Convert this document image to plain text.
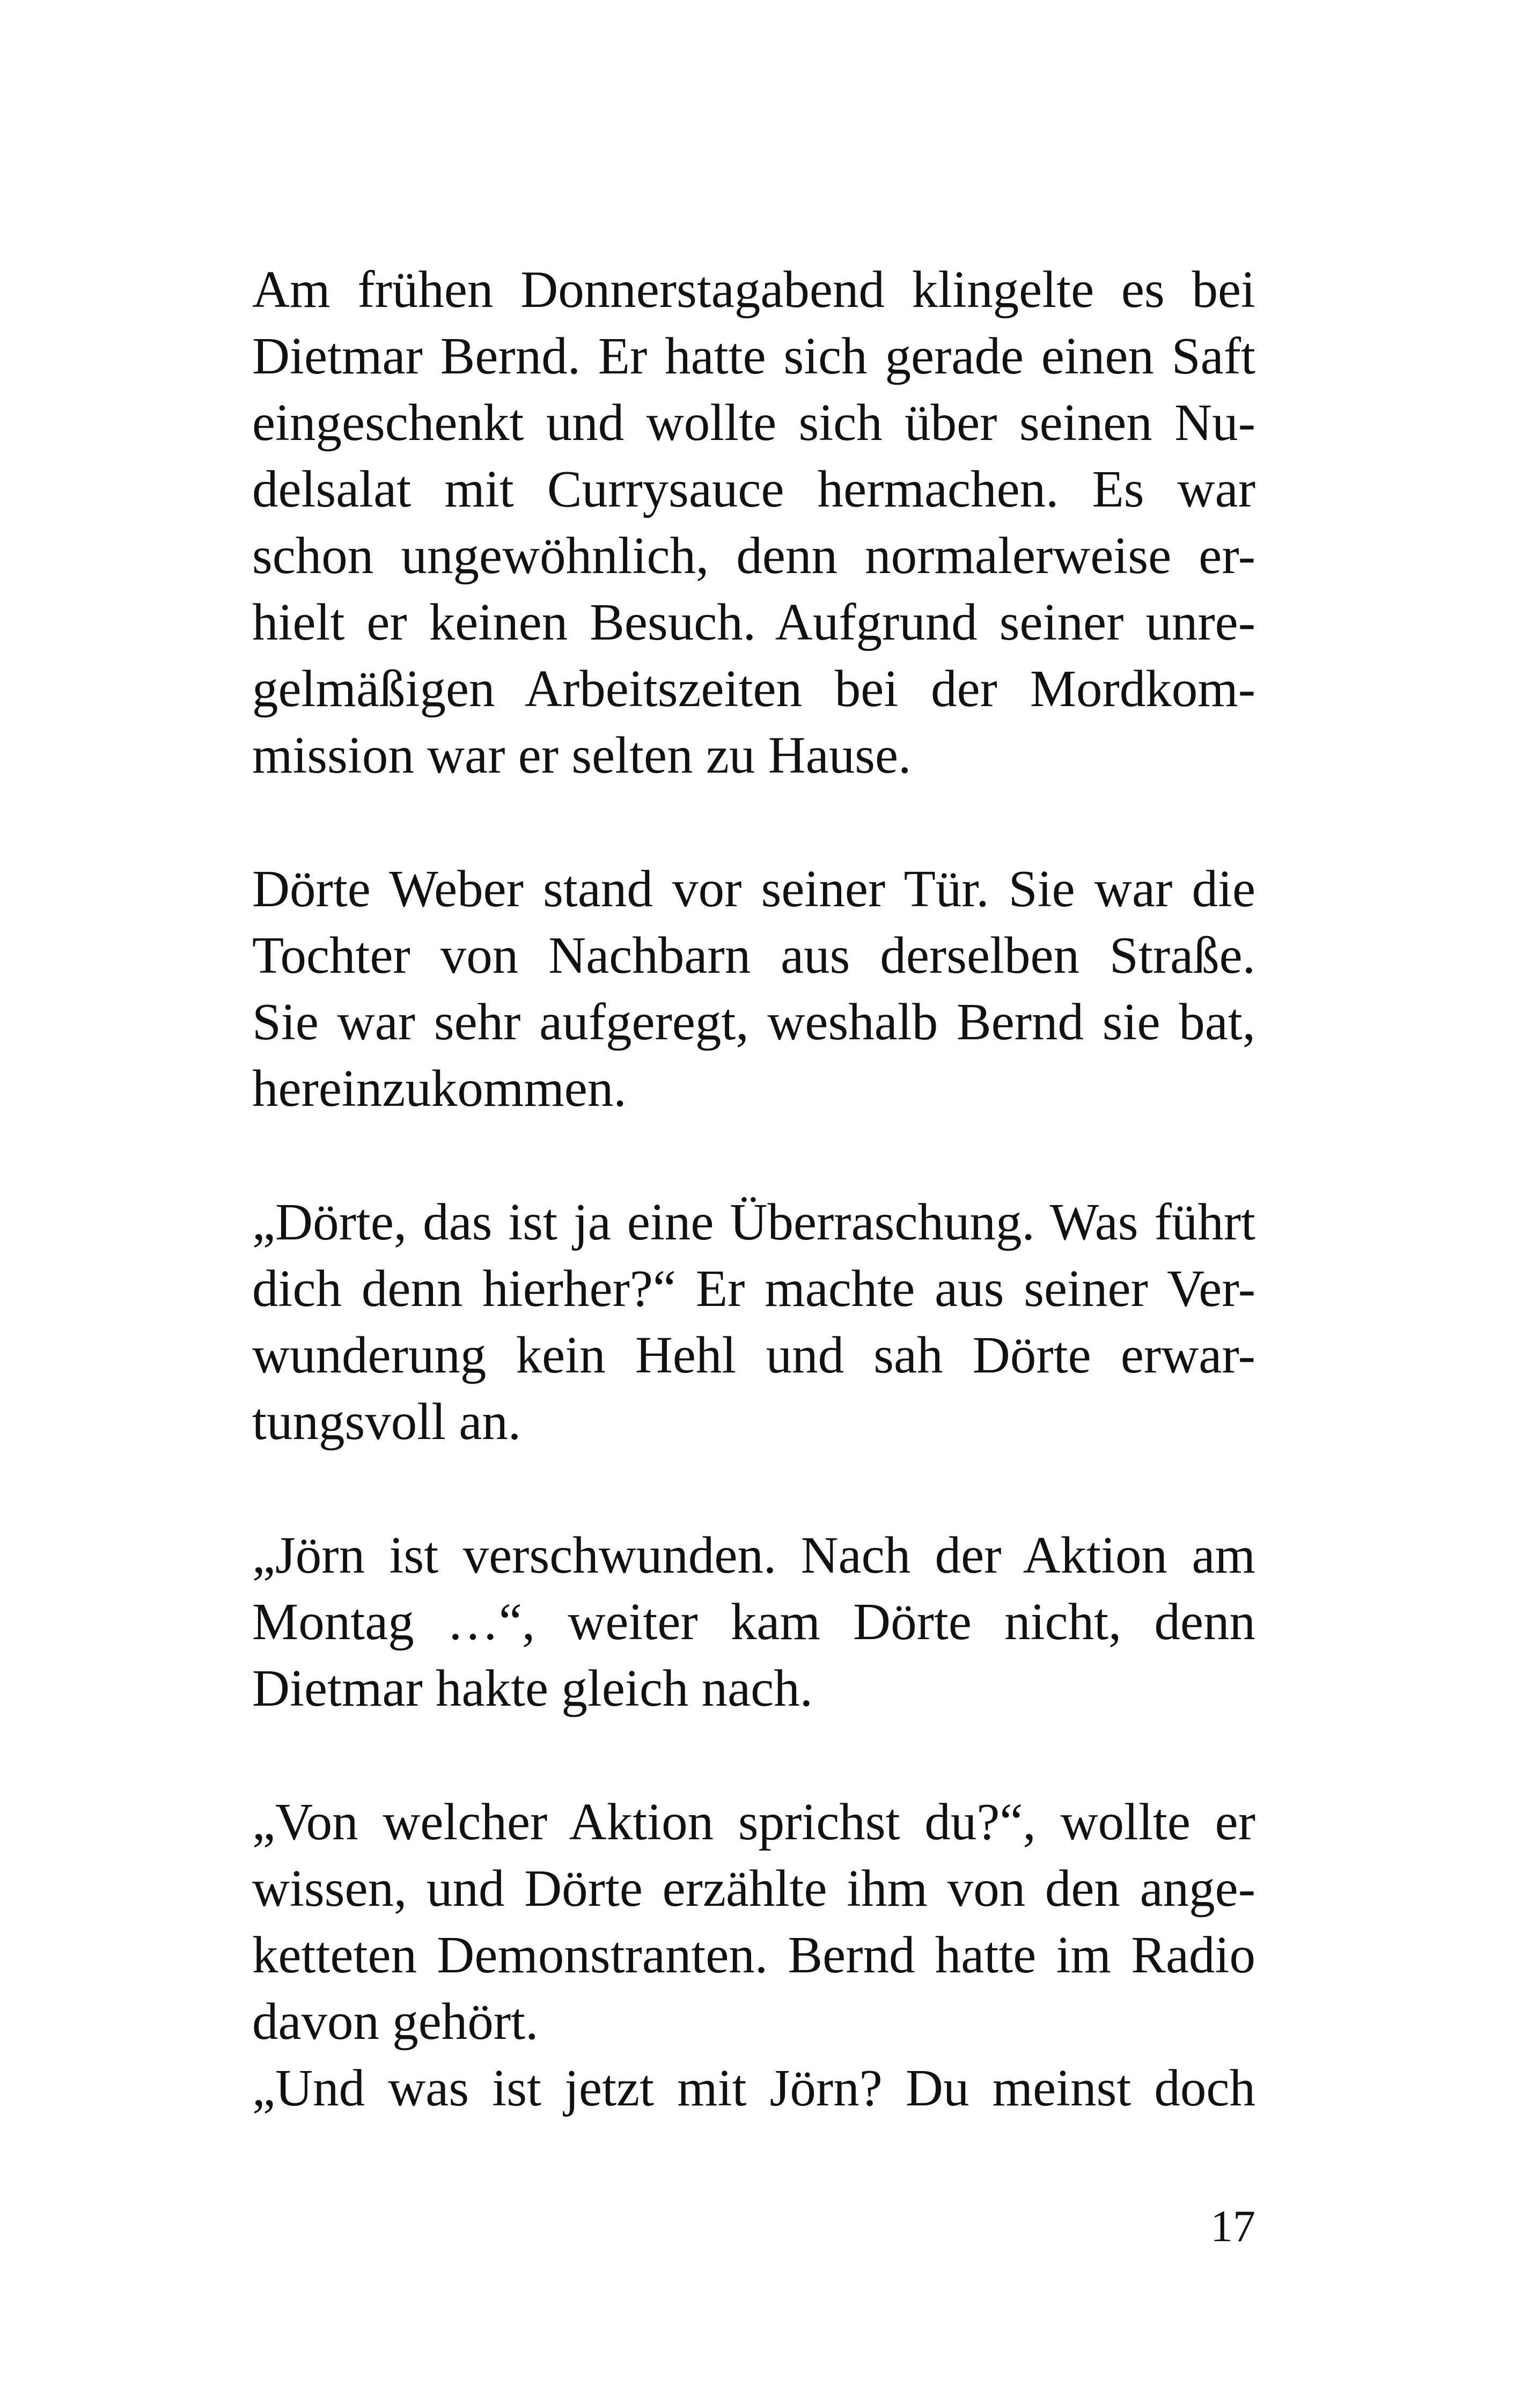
Am frühen Donnerstagabend klingelte es bei
Dietmar Bernd. Er hatte sich gerade einen Saft
eingeschenkt und wollte sich über seinen Nu-
delsalat mit Currysauce hermachen. Es war
schon ungewöhnlich, denn normalerweise er-
hielt er keinen Besuch. Aufgrund seiner unre-
gelmäßigen Arbeitszeiten bei der Mordkom-
mission war er selten zu Hause.

Dörte Weber stand vor seiner Tür. Sie war die
Tochter von Nachbarn aus derselben Straße.
Sie war sehr aufgeregt, weshalb Bernd sie bat,
hereinzukommen.

„Dörte, das ist ja eine Überraschung. Was führt
dich denn hierher?“ Er machte aus seiner Ver-
wunderung kein Hehl und sah Dörte erwar-
tungsvoll an.

„Jörn ist verschwunden. Nach der Aktion am
Montag …“, weiter kam Dörte nicht, denn
Dietmar hakte gleich nach.

„Von welcher Aktion sprichst du?“, wollte er
wissen, und Dörte erzählte ihm von den ange-
ketteten Demonstranten. Bernd hatte im Radio
davon gehört.

„Und was ist jetzt mit Jörn? Du meinst doch

17
